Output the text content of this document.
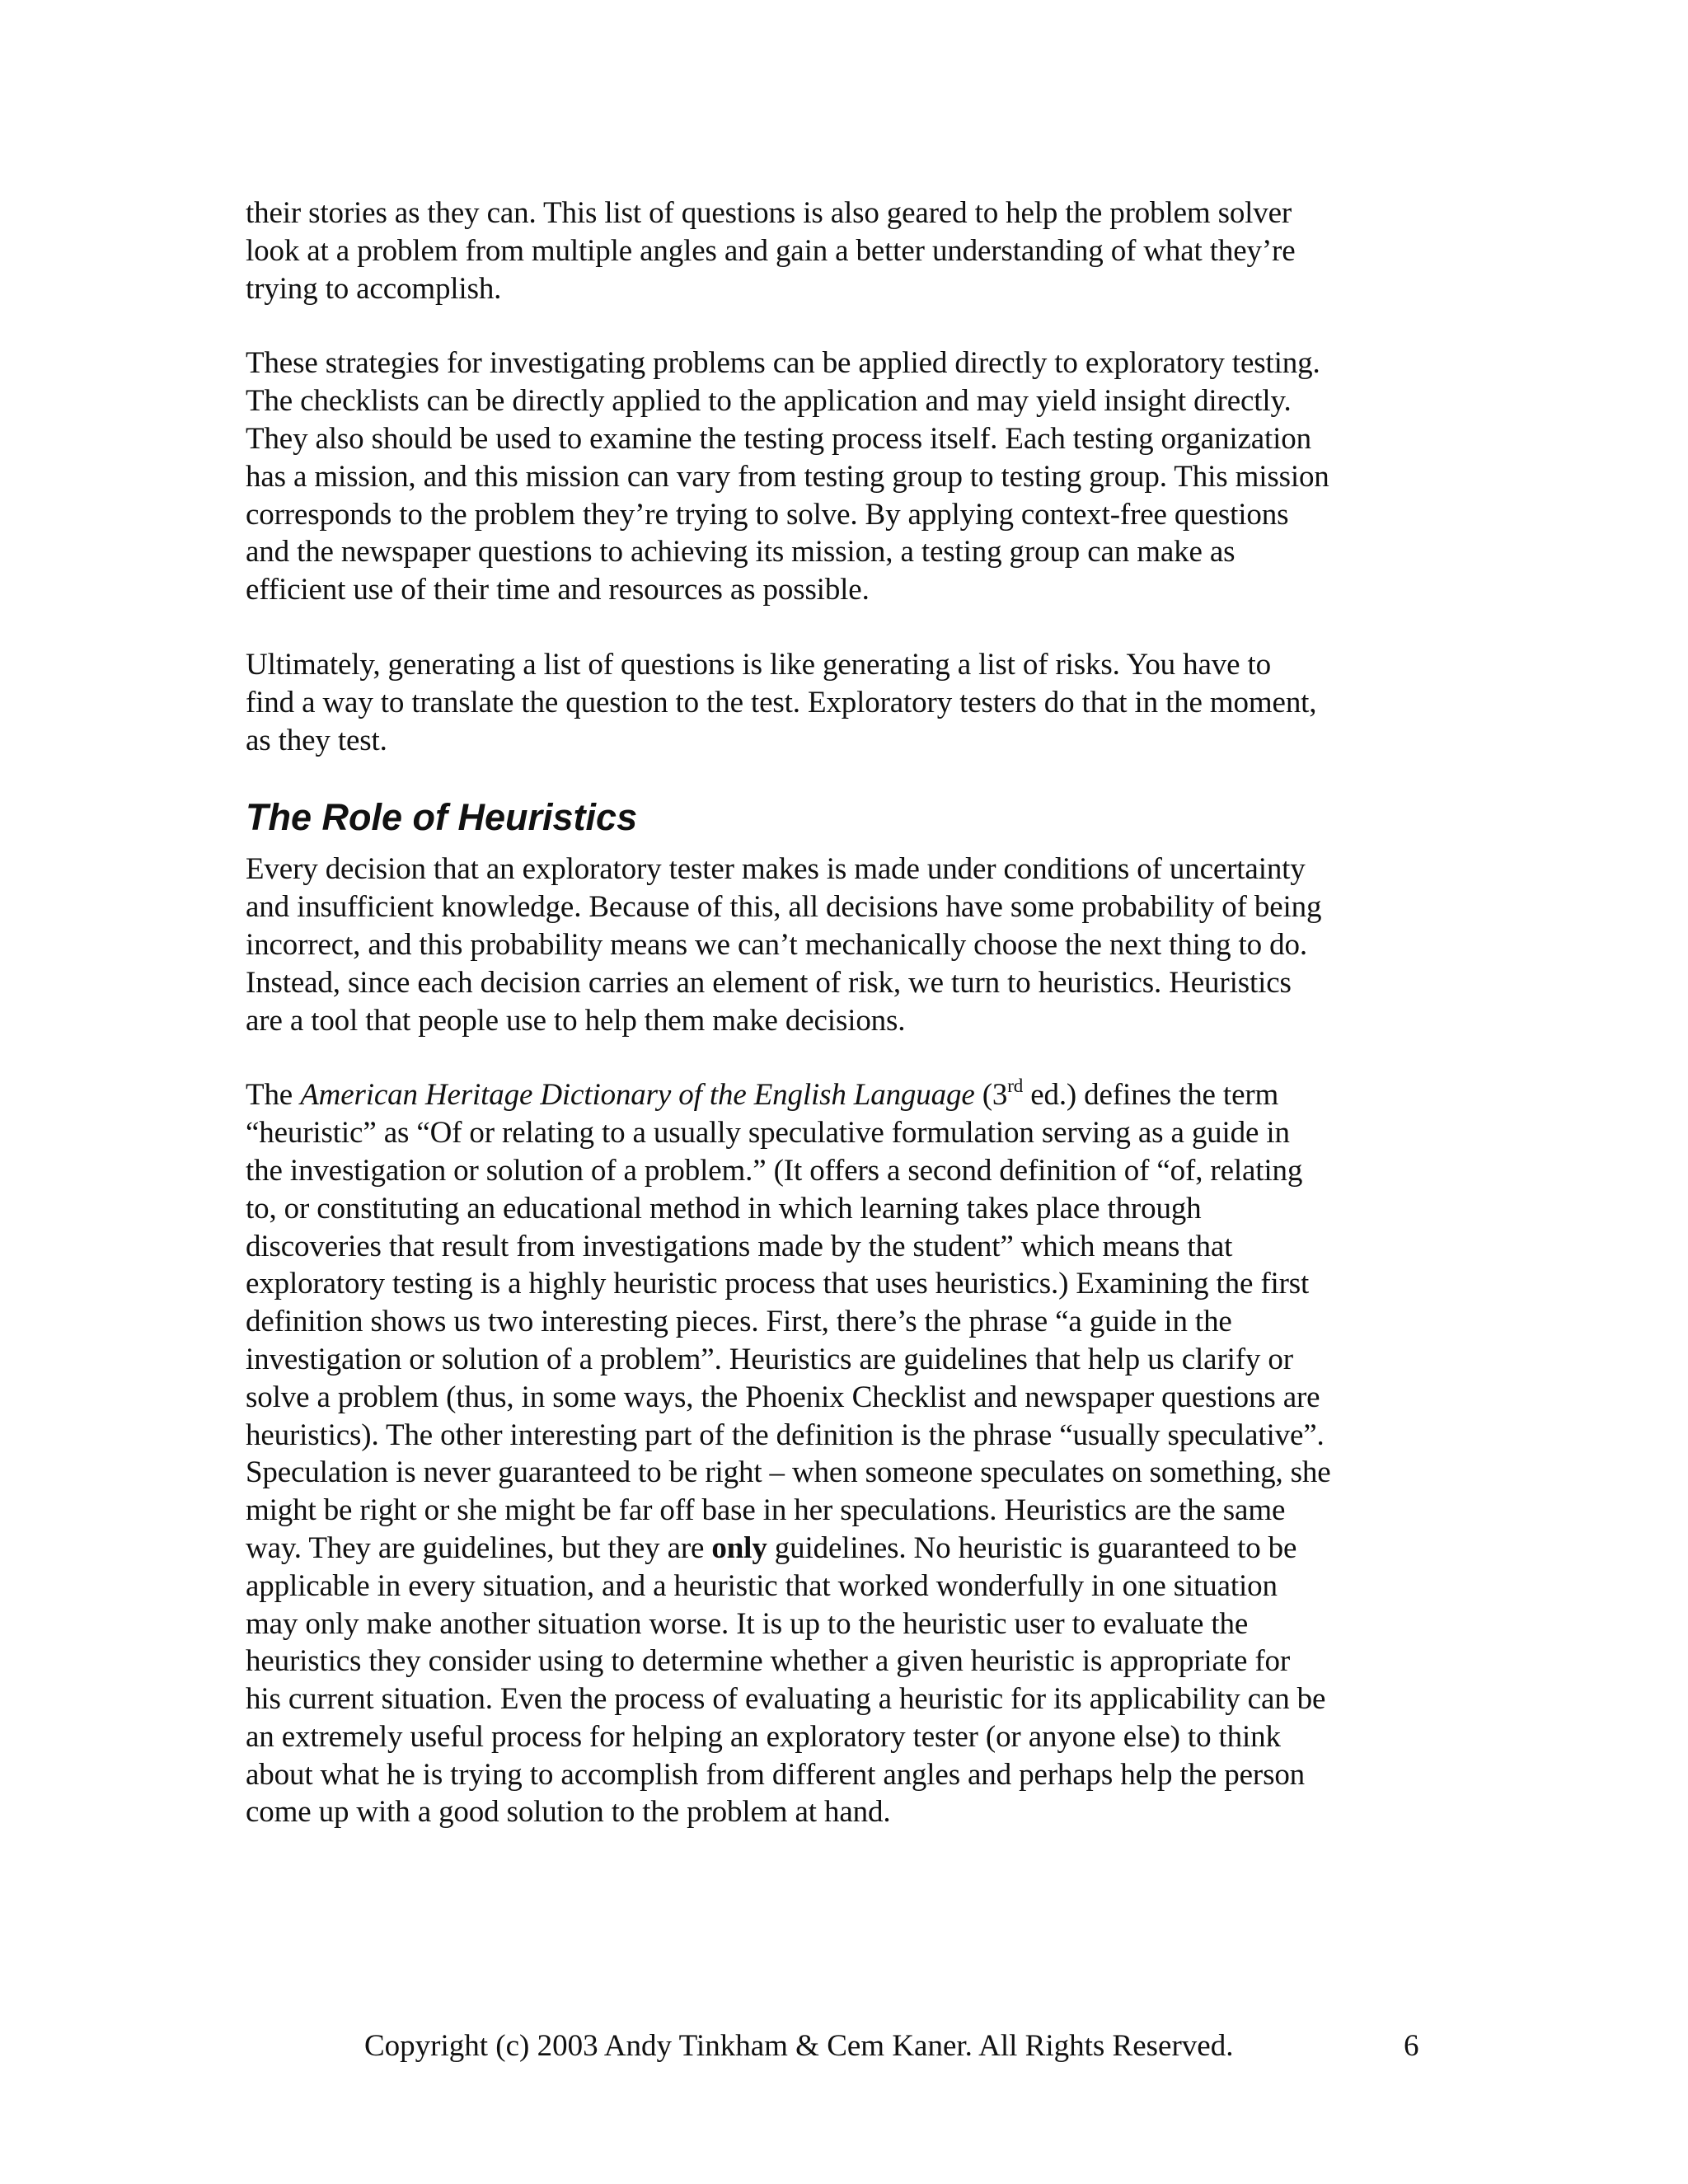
their stories as they can. This list of questions is also geared to help the problem solver
look at a problem from multiple angles and gain a better understanding of what they’re
trying to accomplish.

These strategies for investigating problems can be applied directly to exploratory testing.
The checklists can be directly applied to the application and may yield insight directly.
They also should be used to examine the testing process itself. Each testing organization
has a mission, and this mission can vary from testing group to testing group. This mission
corresponds to the problem they’re trying to solve. By applying context-free questions
and the newspaper questions to achieving its mission, a testing group can make as
efficient use of their time and resources as possible.

Ultimately, generating a list of questions is like generating a list of risks. You have to
find a way to translate the question to the test. Exploratory testers do that in the moment,
as they test.

The Role of Heuristics

Every decision that an exploratory tester makes is made under conditions of uncertainty
and insufficient knowledge. Because of this, all decisions have some probability of being
incorrect, and this probability means we can’t mechanically choose the next thing to do.
Instead, since each decision carries an element of risk, we turn to heuristics. Heuristics
are a tool that people use to help them make decisions.

The American Heritage Dictionary of the English Language (3rd ed.) defines the term
“heuristic” as “Of or relating to a usually speculative formulation serving as a guide in
the investigation or solution of a problem.” (It offers a second definition of “of, relating
to, or constituting an educational method in which learning takes place through
discoveries that result from investigations made by the student” which means that
exploratory testing is a highly heuristic process that uses heuristics.) Examining the first
definition shows us two interesting pieces. First, there’s the phrase “a guide in the
investigation or solution of a problem”. Heuristics are guidelines that help us clarify or
solve a problem (thus, in some ways, the Phoenix Checklist and newspaper questions are
heuristics). The other interesting part of the definition is the phrase “usually speculative”.
Speculation is never guaranteed to be right – when someone speculates on something, she
might be right or she might be far off base in her speculations. Heuristics are the same
way. They are guidelines, but they are only guidelines. No heuristic is guaranteed to be
applicable in every situation, and a heuristic that worked wonderfully in one situation
may only make another situation worse. It is up to the heuristic user to evaluate the
heuristics they consider using to determine whether a given heuristic is appropriate for
his current situation. Even the process of evaluating a heuristic for its applicability can be
an extremely useful process for helping an exploratory tester (or anyone else) to think
about what he is trying to accomplish from different angles and perhaps help the person
come up with a good solution to the problem at hand.

Copyright (c) 2003 Andy Tinkham & Cem Kaner. All Rights Reserved.	6
